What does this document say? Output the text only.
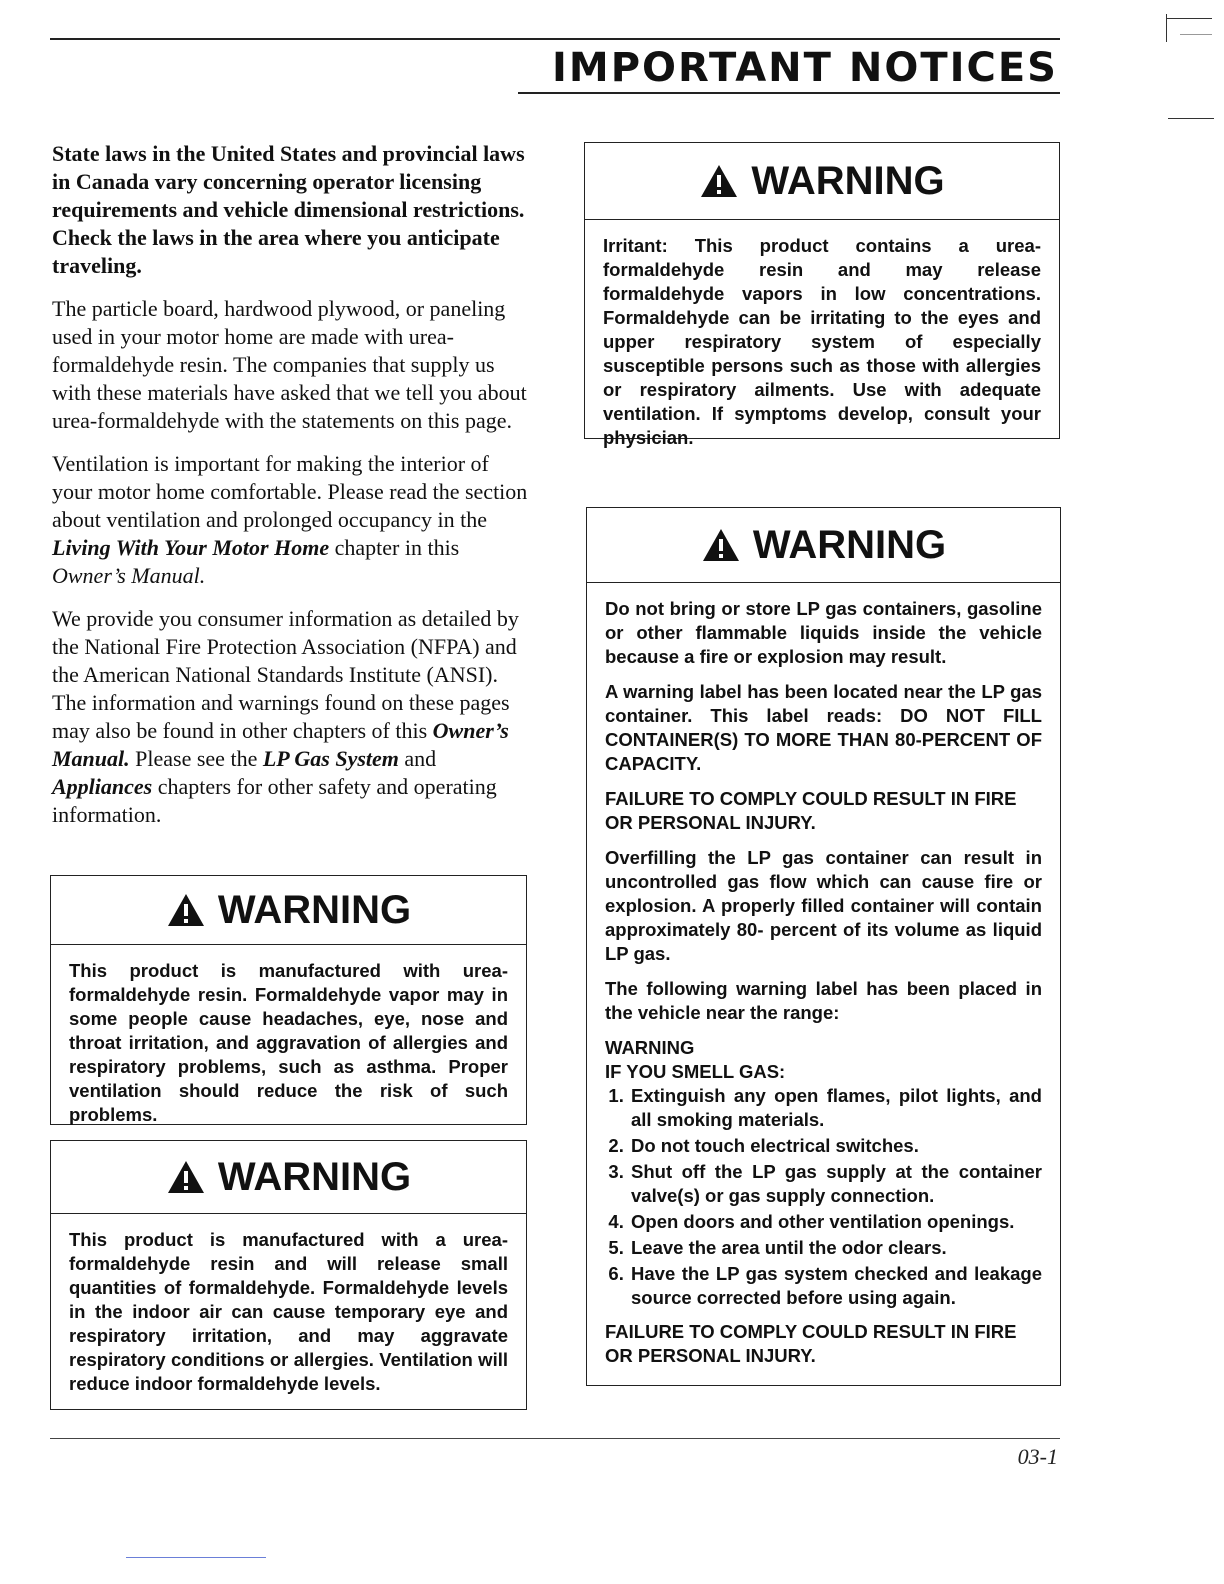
IMPORTANT NOTICES

State laws in the United States and provincial laws in Canada vary concerning operator licensing requirements and vehicle dimensional restrictions. Check the laws in the area where you anticipate traveling.

The particle board, hardwood plywood, or paneling used in your motor home are made with urea-formaldehyde resin. The companies that supply us with these materials have asked that we tell you about urea-formaldehyde with the statements on this page.

Ventilation is important for making the interior of your motor home comfortable. Please read the section about ventilation and prolonged occupancy in the Living With Your Motor Home chapter in this Owner’s Manual.

We provide you consumer information as detailed by the National Fire Protection Association (NFPA) and the American National Standards Institute (ANSI). The information and warnings found on these pages may also be found in other chapters of this Owner’s Manual. Please see the LP Gas System and Appliances chapters for other safety and operating information.

WARNING

This product is manufactured with urea-formaldehyde resin. Formaldehyde vapor may in some people cause headaches, eye, nose and throat irritation, and aggravation of allergies and respiratory problems, such as asthma. Proper ventilation should reduce the risk of such problems.

WARNING

This product is manufactured with a urea-formaldehyde resin and will release small quantities of formaldehyde. Formaldehyde levels in the indoor air can cause temporary eye and respiratory irritation, and may aggravate respiratory conditions or allergies. Ventilation will reduce indoor formaldehyde levels.

WARNING

Irritant: This product contains a urea-formaldehyde resin and may release formaldehyde vapors in low concentrations. Formaldehyde can be irritating to the eyes and upper respiratory system of especially susceptible persons such as those with allergies or respiratory ailments. Use with adequate ventilation. If symptoms develop, consult your physician.

WARNING

Do not bring or store LP gas containers, gasoline or other flammable liquids inside the vehicle because a fire or explosion may result.

A warning label has been located near the LP gas container. This label reads: DO NOT FILL CONTAINER(S) TO MORE THAN 80-PERCENT OF CAPACITY.

FAILURE TO COMPLY COULD RESULT IN FIRE OR PERSONAL INJURY.

Overfilling the LP gas container can result in uncontrolled gas flow which can cause fire or explosion. A properly filled container will contain approximately 80- percent of its volume as liquid LP gas.

The following warning label has been placed in the vehicle near the range:

WARNING
IF YOU SMELL GAS:
1. Extinguish any open flames, pilot lights, and all smoking materials.
2. Do not touch electrical switches.
3. Shut off the LP gas supply at the container valve(s) or gas supply connection.
4. Open doors and other ventilation openings.
5. Leave the area until the odor clears.
6. Have the LP gas system checked and leakage source corrected before using again.

FAILURE TO COMPLY COULD RESULT IN FIRE OR PERSONAL INJURY.

03-1
